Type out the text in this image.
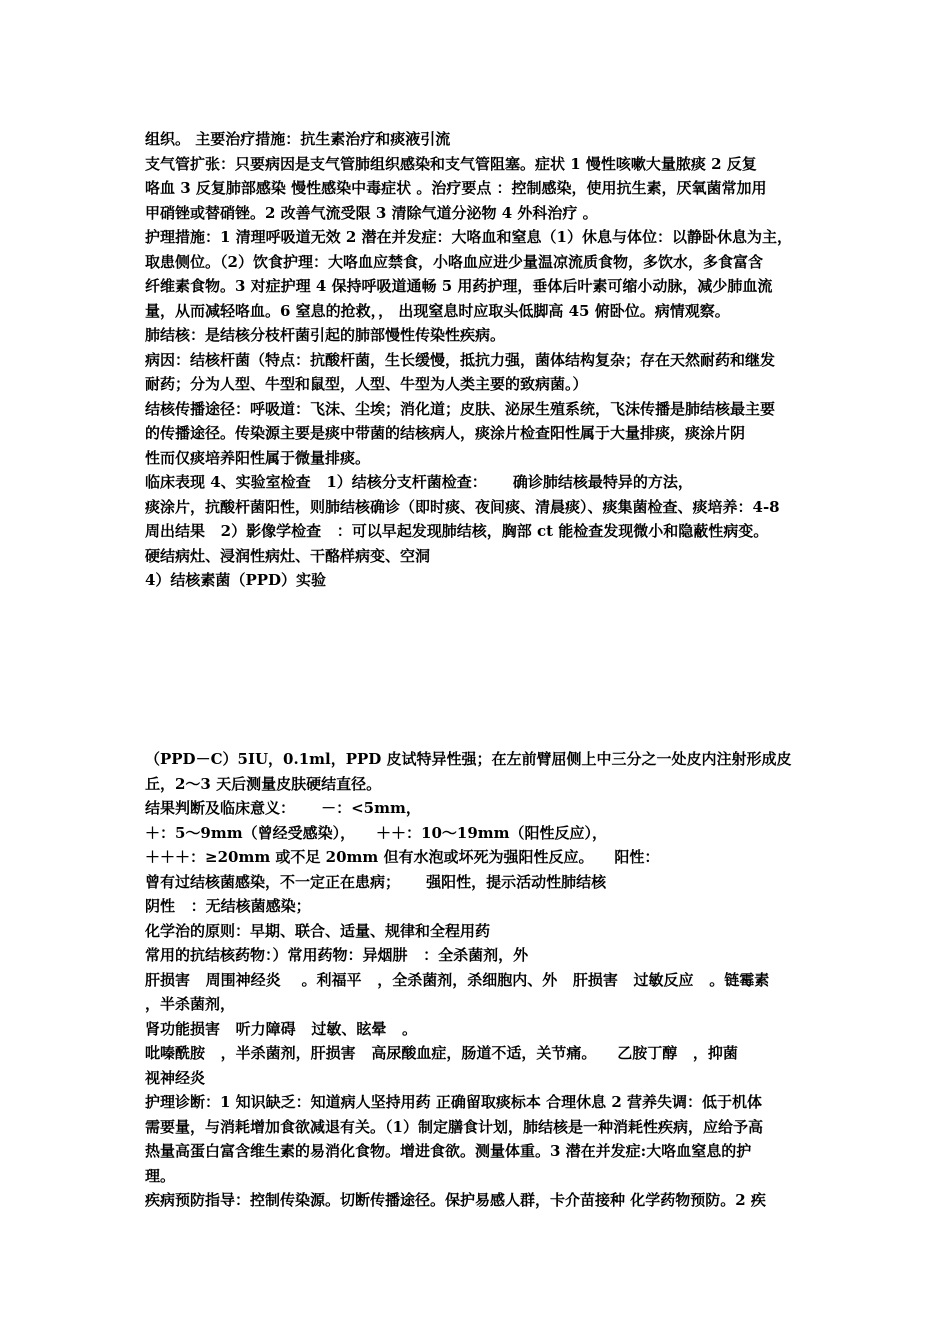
组织。 主要治疗措施：抗生素治疗和痰液引流
支气管扩张：只要病因是支气管肺组织感染和支气管阻塞。症状 1 慢性咳嗽大量脓痰 2 反复
咯血 3 反复肺部感染 慢性感染中毒症状 。治疗要点 ：控制感染，使用抗生素，厌氧菌常加用
甲硝锉或替硝锉。2 改善气流受限 3 清除气道分泌物 4 外科治疗 。
护理措施：1 清理呼吸道无效 2 潜在并发症：大咯血和窒息（1）休息与体位：以静卧休息为主，
取患侧位。（2）饮食护理：大咯血应禁食，小咯血应进少量温凉流质食物，多饮水，多食富含
纤维素食物。3 对症护理 4 保持呼吸道通畅 5 用药护理，垂体后叶素可缩小动脉，减少肺血流
量，从而减轻咯血。6 窒息的抢救，， 出现窒息时应取头低脚高 45 俯卧位。病情观察。
肺结核：是结核分枝杆菌引起的肺部慢性传染性疾病。
病因：结核杆菌（特点：抗酸杆菌，生长缓慢，抵抗力强，菌体结构复杂；存在天然耐药和继发
耐药；分为人型、牛型和鼠型，人型、牛型为人类主要的致病菌。）
结核传播途径：呼吸道：飞沫、尘埃；消化道；皮肤、泌尿生殖系统，飞沫传播是肺结核最主要
的传播途径。传染源主要是痰中带菌的结核病人，痰涂片检查阳性属于大量排痰，痰涂片阴
性而仅痰培养阳性属于微量排痰。
临床表现 4、实验室检查   1）结核分支杆菌检查：     确诊肺结核最特异的方法，
痰涂片，抗酸杆菌阳性，则肺结核确诊（即时痰、夜间痰、清晨痰）、痰集菌检查、痰培养：4-8
周出结果   2）影像学检查   ：可以早起发现肺结核，胸部 ct 能检查发现微小和隐蔽性病变。
硬结病灶、浸润性病灶、干酪样病变、空洞
4）结核素菌（PPD）实验
（PPD－C）5IU，0.1ml，PPD 皮试特异性强；在左前臂屈侧上中三分之一处皮内注射形成皮
丘，2～3 天后测量皮肤硬结直径。
结果判断及临床意义：     －：<5mm，
＋：5～9mm（曾经受感染），    ＋＋：10～19mm（阳性反应），
＋＋＋：≥20mm 或不足 20mm 但有水泡或坏死为强阳性反应。    阳性：
曾有过结核菌感染，不一定正在患病；     强阳性，提示活动性肺结核
阴性   ：无结核菌感染；
化学治的原则：早期、联合、适量、规律和全程用药
常用的抗结核药物：）常用药物：异烟肼   ：全杀菌剂，外
肝损害   周围神经炎    。利福平   ，全杀菌剂，杀细胞内、外   肝损害   过敏反应   。链霉素
，半杀菌剂，
肾功能损害   听力障碍   过敏、眩晕   。
吡嗪酰胺   ，半杀菌剂，肝损害   高尿酸血症，肠道不适，关节痛。    乙胺丁醇   ，抑菌
视神经炎
护理诊断：1 知识缺乏：知道病人坚持用药 正确留取痰标本 合理休息 2 营养失调：低于机体
需要量，与消耗增加食欲减退有关。（1）制定膳食计划，肺结核是一种消耗性疾病，应给予高
热量高蛋白富含维生素的易消化食物。增进食欲。测量体重。3 潜在并发症:大咯血窒息的护
理。
疾病预防指导：控制传染源。切断传播途径。保护易感人群，卡介苗接种 化学药物预防。2 疾
